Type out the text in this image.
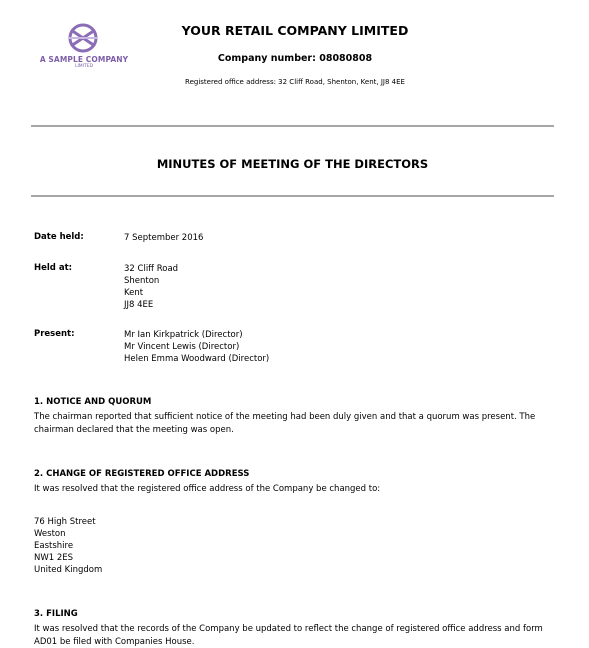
A SAMPLE COMPANY
LIMITED
YOUR RETAIL COMPANY LIMITED
Company number: 08080808
Registered office address: 32 Cliff Road, Shenton, Kent, JJ8 4EE
MINUTES OF MEETING OF THE DIRECTORS
Date held:	7 September 2016
Held at:	32 Cliff Road
Shenton
Kent
JJ8 4EE
Present:	Mr Ian Kirkpatrick (Director)
Mr Vincent Lewis (Director)
Helen Emma Woodward (Director)
1. NOTICE AND QUORUM
The chairman reported that sufficient notice of the meeting had been duly given and that a quorum was present. The chairman declared that the meeting was open.
2. CHANGE OF REGISTERED OFFICE ADDRESS
It was resolved that the registered office address of the Company be changed to:
76 High Street
Weston
Eastshire
NW1 2ES
United Kingdom
3. FILING
It was resolved that the records of the Company be updated to reflect the change of registered office address and form AD01 be filed with Companies House.
